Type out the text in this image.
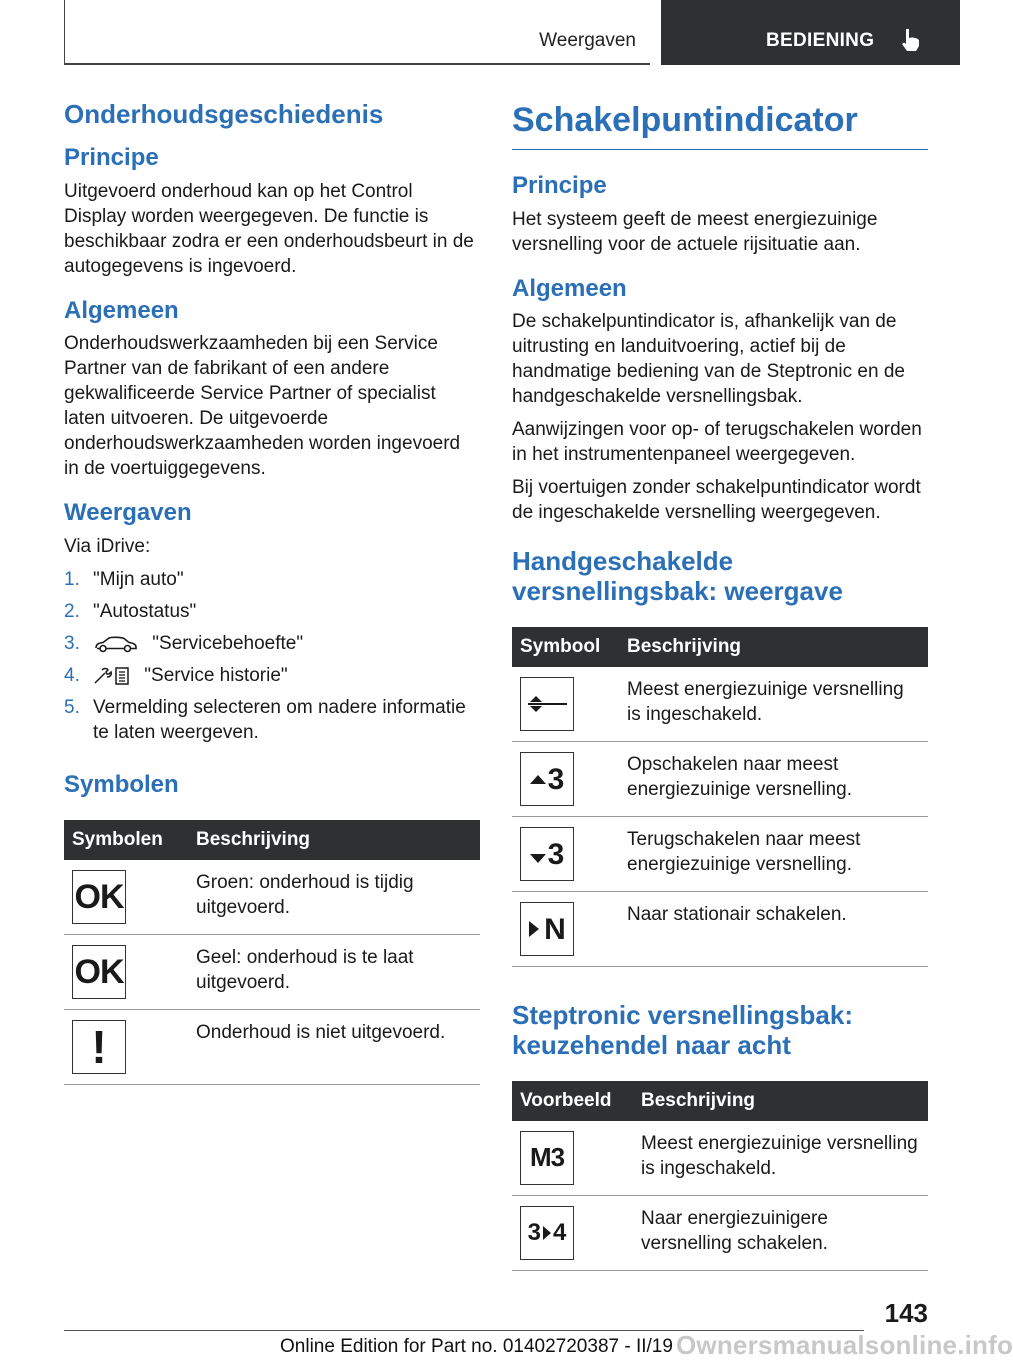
Weergaven	BEDIENING
Onderhoudsgeschiedenis
Principe

Uitgevoerd onderhoud kan op het Control Display worden weergegeven. De functie is beschikbaar zodra er een onderhoudsbeurt in de autogegevens is ingevoerd.

Algemeen

Onderhoudswerkzaamheden bij een Service Partner van de fabrikant of een andere gekwalificeerde Service Partner of specialist laten uitvoeren. De uitgevoerde onderhoudswerkzaamheden worden ingevoerd in de voertuiggegevens.

Weergaven

Via iDrive:

1. "Mijn auto"
2. "Autostatus"
3.	"Servicebehoefte"
4.	"Service historie"
5. Vermelding selecteren om nadere informatie te laten weergeven.
Symbolen
Symbolen	Beschrijving

OK	Groen: onderhoud is tijdig uitgevoerd.

OK	Geel: onderhoud is te laat uitgevoerd.

!	Onderhoud is niet uitgevoerd.
Schakelpuntindicator
Principe

Het systeem geeft de meest energiezuinige versnelling voor de actuele rijsituatie aan.

Algemeen

De schakelpuntindicator is, afhankelijk van de uitrusting en landuitvoering, actief bij de handmatige bediening van de Steptronic en de handgeschakelde versnellingsbak.

Aanwijzingen voor op- of terugschakelen worden in het instrumentenpaneel weergegeven.

Bij voertuigen zonder schakelpuntindicator wordt de ingeschakelde versnelling weergegeven.

Handgeschakelde versnellingsbak: weergave
Symbool	Beschrijving

	Meest energiezuinige versnelling is ingeschakeld.

3	Opschakelen naar meest energiezuinige versnelling.

3	Terugschakelen naar meest energiezuinige versnelling.

N	Naar stationair schakelen.
Steptronic versnellingsbak: keuzehendel naar acht
Voorbeeld	Beschrijving

M3	Meest energiezuinige versnelling is ingeschakeld.

3 4	Naar energiezuinigere versnelling schakelen.
143
Online Edition for Part no. 01402720387 - II/19 Ownersmanualsonline.info
